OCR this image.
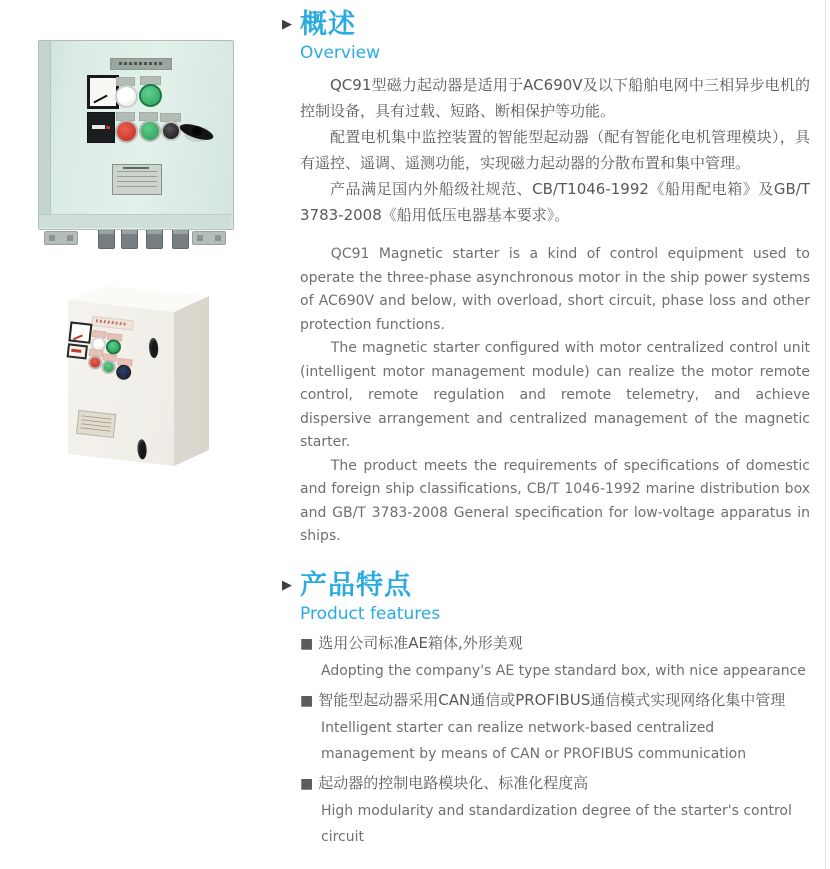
▶ 概述
Overview

QC91型磁力起动器是适用于AC690V及以下船舶电网中三相异步电机的控制设备，具有过载、短路、断相保护等功能。

配置电机集中监控装置的智能型起动器（配有智能化电机管理模块），具有遥控、遥调、遥测功能，实现磁力起动器的分散布置和集中管理。

产品满足国内外船级社规范、CB/T1046-1992《船用配电箱》及GB/T 3783-2008《船用低压电器基本要求》。

QC91 Magnetic starter is a kind of control equipment used to operate the three-phase asynchronous motor in the ship power systems of AC690V and below, with overload, short circuit, phase loss and other protection functions.

The magnetic starter configured with motor centralized control unit (intelligent motor management module) can realize the motor remote control, remote regulation and remote telemetry, and achieve dispersive arrangement and centralized management of the magnetic starter.

The product meets the requirements of specifications of domestic and foreign ship classifications, CB/T 1046-1992 marine distribution box and GB/T 3783-2008 General specification for low-voltage apparatus in ships.

▶ 产品特点
Product features
■ 选用公司标准AE箱体,外形美观
Adopting the company's AE type standard box, with nice appearance
■ 智能型起动器采用CAN通信或PROFIBUS通信模式实现网络化集中管理
Intelligent starter can realize network-based centralized management by means of CAN or PROFIBUS communication
■ 起动器的控制电路模块化、标准化程度高
High modularity and standardization degree of the starter's control circuit
